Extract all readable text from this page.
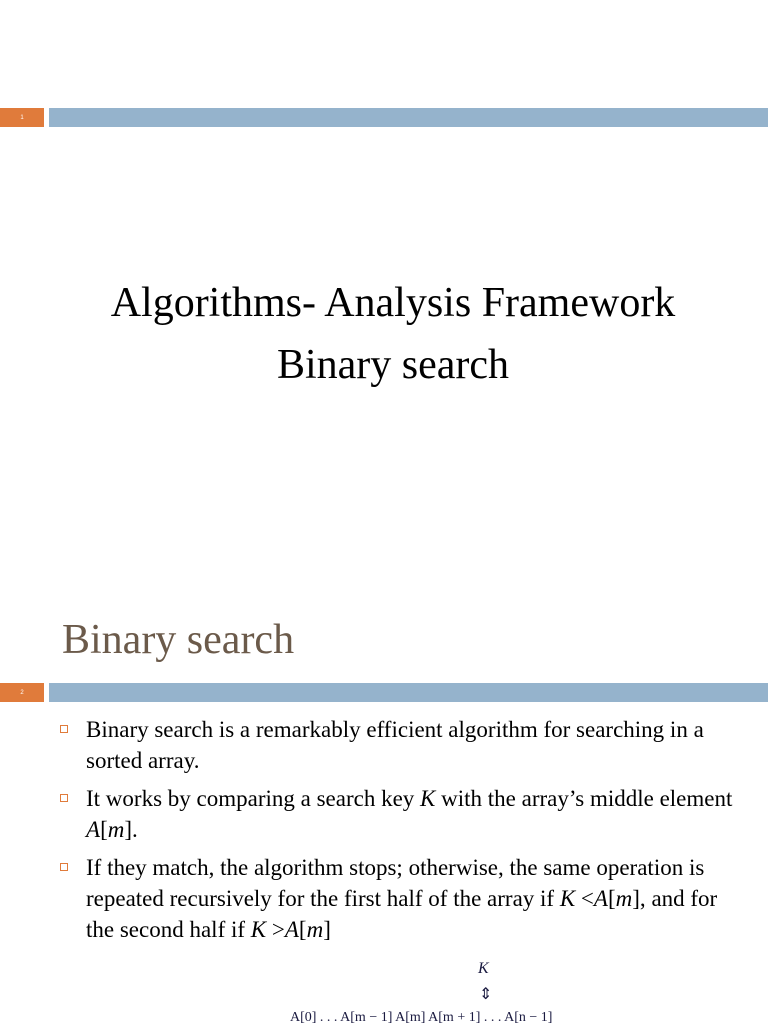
1
Algorithms- Analysis Framework
Binary search
Binary search
2
Binary search is a remarkably efficient algorithm for searching in a sorted array.
It works by comparing a search key K with the array’s middle element A[m].
If they match, the algorithm stops; otherwise, the same operation is repeated recursively for the first half of the array if K <A[m], and for the second half if K >A[m]
K
⇕
A[0] . . . A[m − 1] A[m] A[m + 1] . . . A[n − 1]
